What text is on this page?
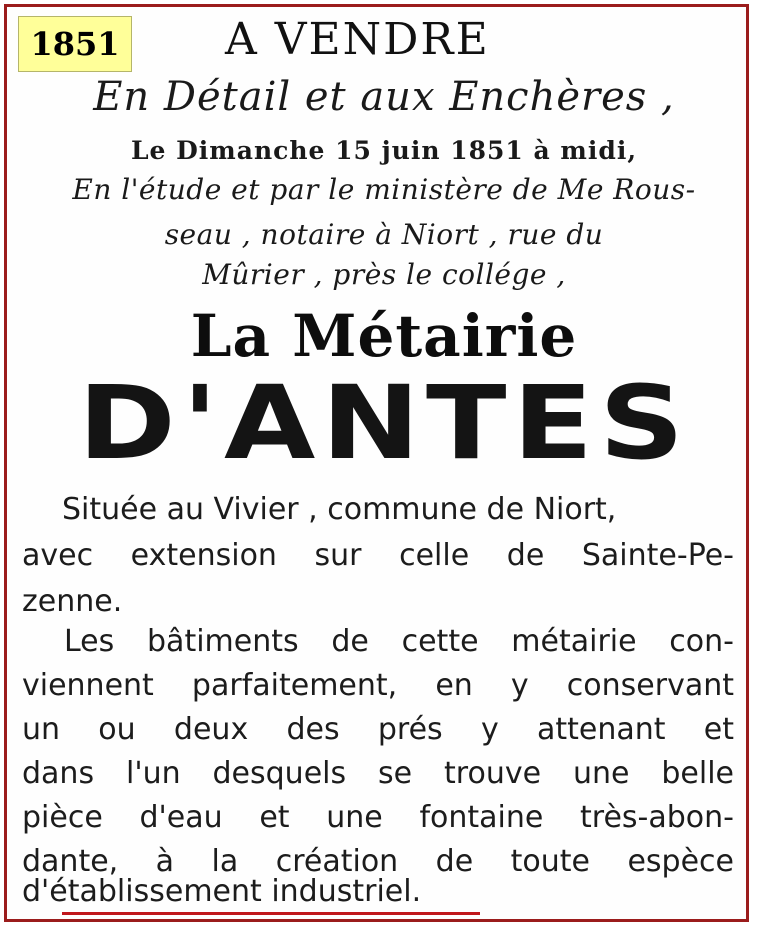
1851 A VENDRE
En Détail et aux Enchères ,
Le Dimanche 15 juin 1851 à midi,
En l'étude et par le ministère de Me Rous-
seau , notaire à Niort , rue du
Mûrier , près le collége ,
La Métairie
D'ANTES
Située au Vivier , commune de Niort,
avec extension sur celle de Sainte-Pe-
zenne.
Les bâtiments de cette métairie con-
viennent parfaitement, en y conservant
un ou deux des prés y attenant et
dans l'un desquels se trouve une belle
pièce d'eau et une fontaine très-abon-
dante, à la création de toute espèce
d'établissement industriel.
